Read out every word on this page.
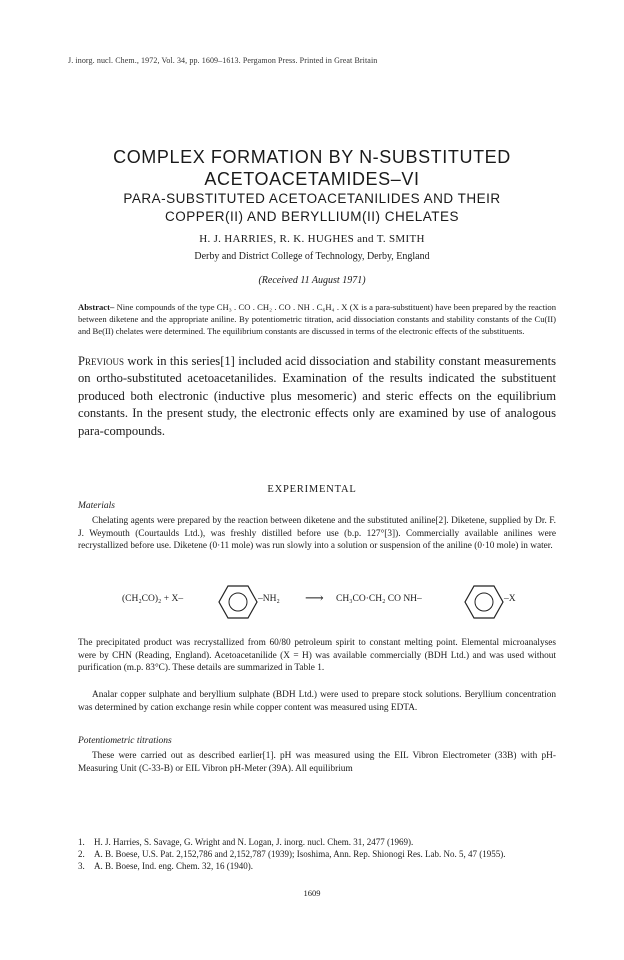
J. inorg. nucl. Chem., 1972, Vol. 34, pp. 1609–1613. Pergamon Press. Printed in Great Britain
COMPLEX FORMATION BY N-SUBSTITUTED
ACETOACETAMIDES–VI
PARA-SUBSTITUTED ACETOACETANILIDES AND THEIR
COPPER(II) AND BERYLLIUM(II) CHELATES
H. J. HARRIES, R. K. HUGHES and T. SMITH
Derby and District College of Technology, Derby, England
(Received 11 August 1971)
Abstract– Nine compounds of the type CH₃ . CO . CH₂ . CO . NH . C₆H₄ . X (X is a para-substituent) have been prepared by the reaction between diketene and the appropriate aniline. By potentiometric titration, acid dissociation constants and stability constants of the Cu(II) and Be(II) chelates were determined. The equilibrium constants are discussed in terms of the electronic effects of the substituents.
Previous work in this series[1] included acid dissociation and stability constant measurements on ortho-substituted acetoacetanilides. Examination of the results indicated the substituent produced both electronic (inductive plus mesomeric) and steric effects on the equilibrium constants. In the present study, the electronic effects only are examined by use of analogous para-compounds.
EXPERIMENTAL
Materials
Chelating agents were prepared by the reaction between diketene and the substituted aniline[2]. Diketene, supplied by Dr. F. J. Weymouth (Courtaulds Ltd.), was freshly distilled before use (b.p. 127°[3]). Commercially available anilines were recrystallized before use. Diketene (0·11 mole) was run slowly into a solution or suspension of the aniline (0·10 mole) in water.
(CH₂CO)₂ + X–	–NH₂ ⟶ CH₃CO·CH₂ CO NH–	–X
The precipitated product was recrystallized from 60/80 petroleum spirit to constant melting point. Elemental microanalyses were by CHN (Reading, England). Acetoacetanilide (X = H) was available commercially (BDH Ltd.) and was used without purification (m.p. 83°C). These details are summarized in Table 1.
Analar copper sulphate and beryllium sulphate (BDH Ltd.) were used to prepare stock solutions. Beryllium concentration was determined by cation exchange resin while copper content was measured using EDTA.
Potentiometric titrations
These were carried out as described earlier[1]. pH was measured using the EIL Vibron Electrometer (33B) with pH-Measuring Unit (C-33-B) or EIL Vibron pH-Meter (39A). All equilibrium
1.	H. J. Harries, S. Savage, G. Wright and N. Logan, J. inorg. nucl. Chem. 31, 2477 (1969).
2.	A. B. Boese, U.S. Pat. 2,152,786 and 2,152,787 (1939); Isoshima, Ann. Rep. Shionogi Res. Lab. No. 5, 47 (1955).
3.	A. B. Boese, Ind. eng. Chem. 32, 16 (1940).
1609
